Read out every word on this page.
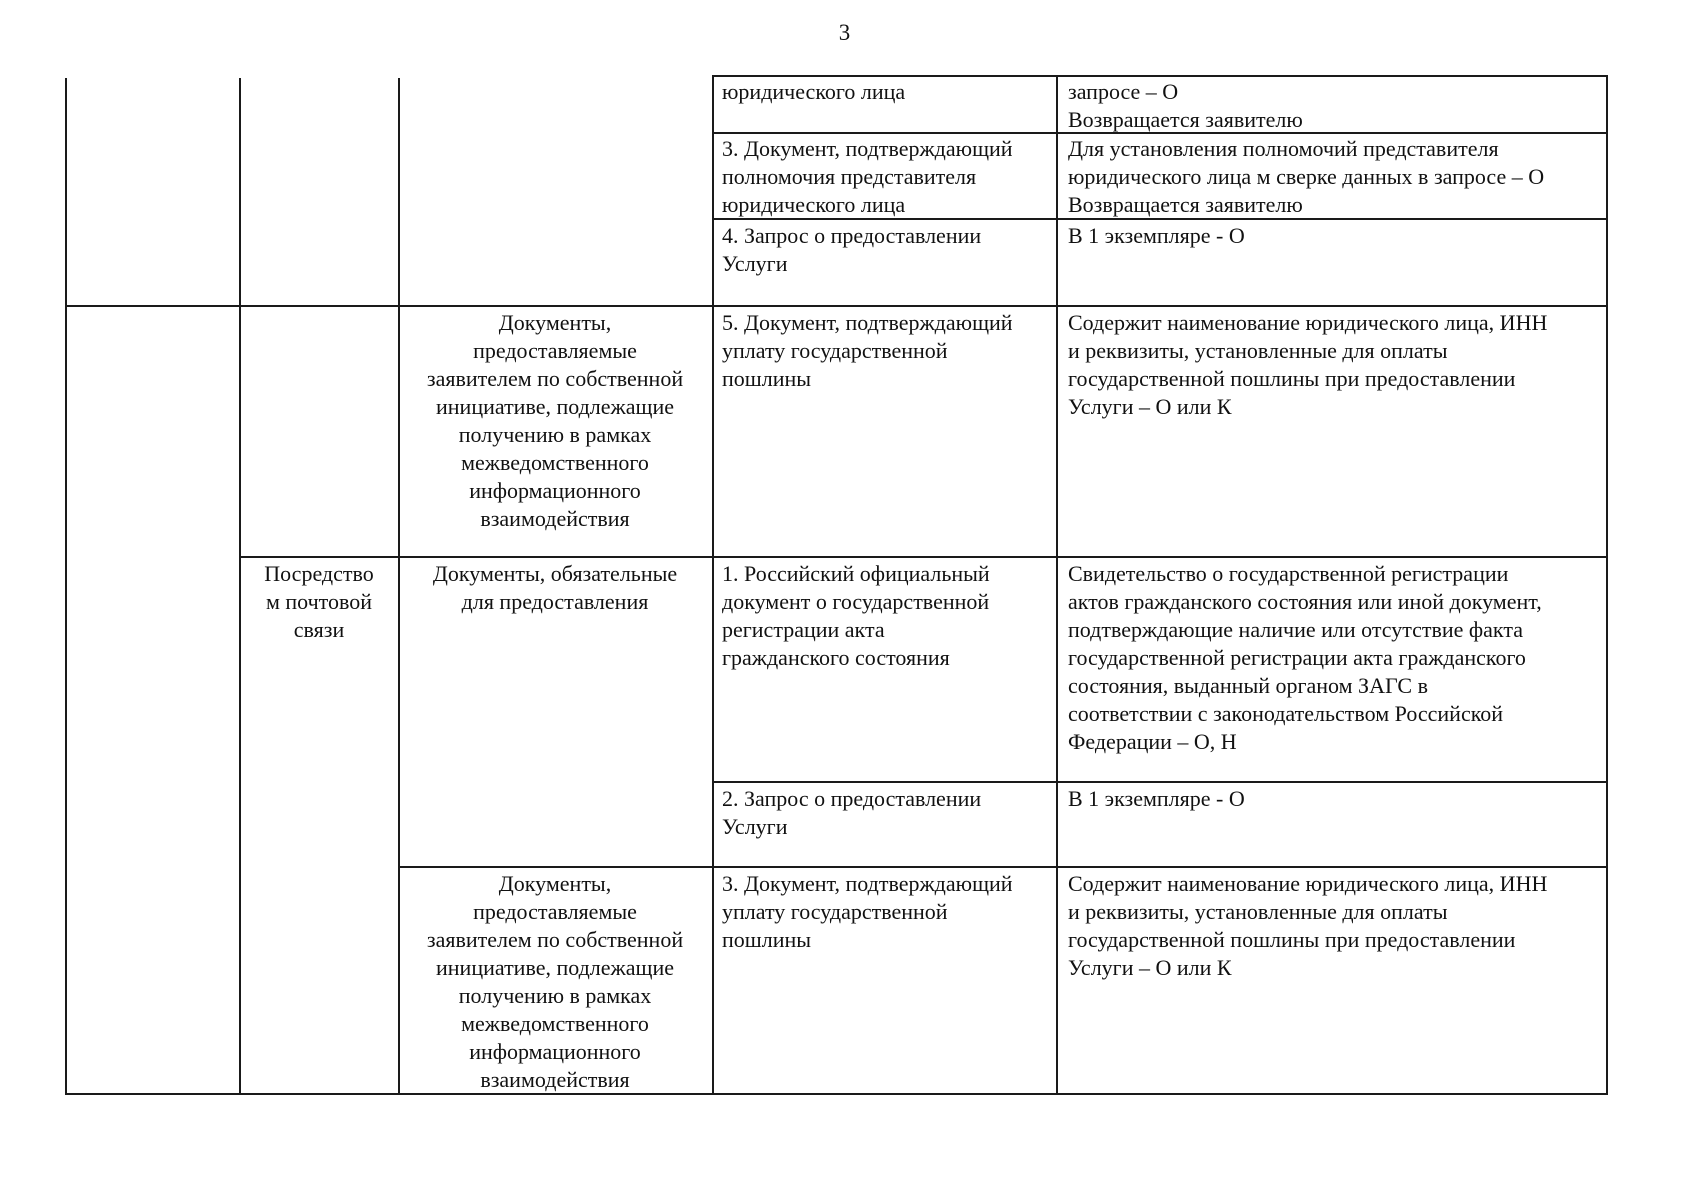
3
юридического лица	запросе – О
Возвращается заявителю
3. Документ, подтверждающий
полномочия представителя
юридического лица
Для установления полномочий представителя
юридического лица м сверке данных в запросе – О
Возвращается заявителю
4. Запрос о предоставлении
Услуги
В 1 экземпляре - О
Документы,
предоставляемые
заявителем по собственной
инициативе, подлежащие
получению в рамках
межведомственного
информационного
взаимодействия
5. Документ, подтверждающий
уплату государственной
пошлины
Содержит наименование юридического лица, ИНН
и реквизиты, установленные для оплаты
государственной пошлины при предоставлении
Услуги – О или К
Посредство
м почтовой
связи
Документы, обязательные
для предоставления
1. Российский официальный
документ о государственной
регистрации акта
гражданского состояния
Свидетельство о государственной регистрации
актов гражданского состояния или иной документ,
подтверждающие наличие или отсутствие факта
государственной регистрации акта гражданского
состояния, выданный органом ЗАГС в
соответствии с законодательством Российской
Федерации – О, Н
2. Запрос о предоставлении
Услуги
В 1 экземпляре - О
Документы,
предоставляемые
заявителем по собственной
инициативе, подлежащие
получению в рамках
межведомственного
информационного
взаимодействия
3. Документ, подтверждающий
уплату государственной
пошлины
Содержит наименование юридического лица, ИНН
и реквизиты, установленные для оплаты
государственной пошлины при предоставлении
Услуги – О или К
